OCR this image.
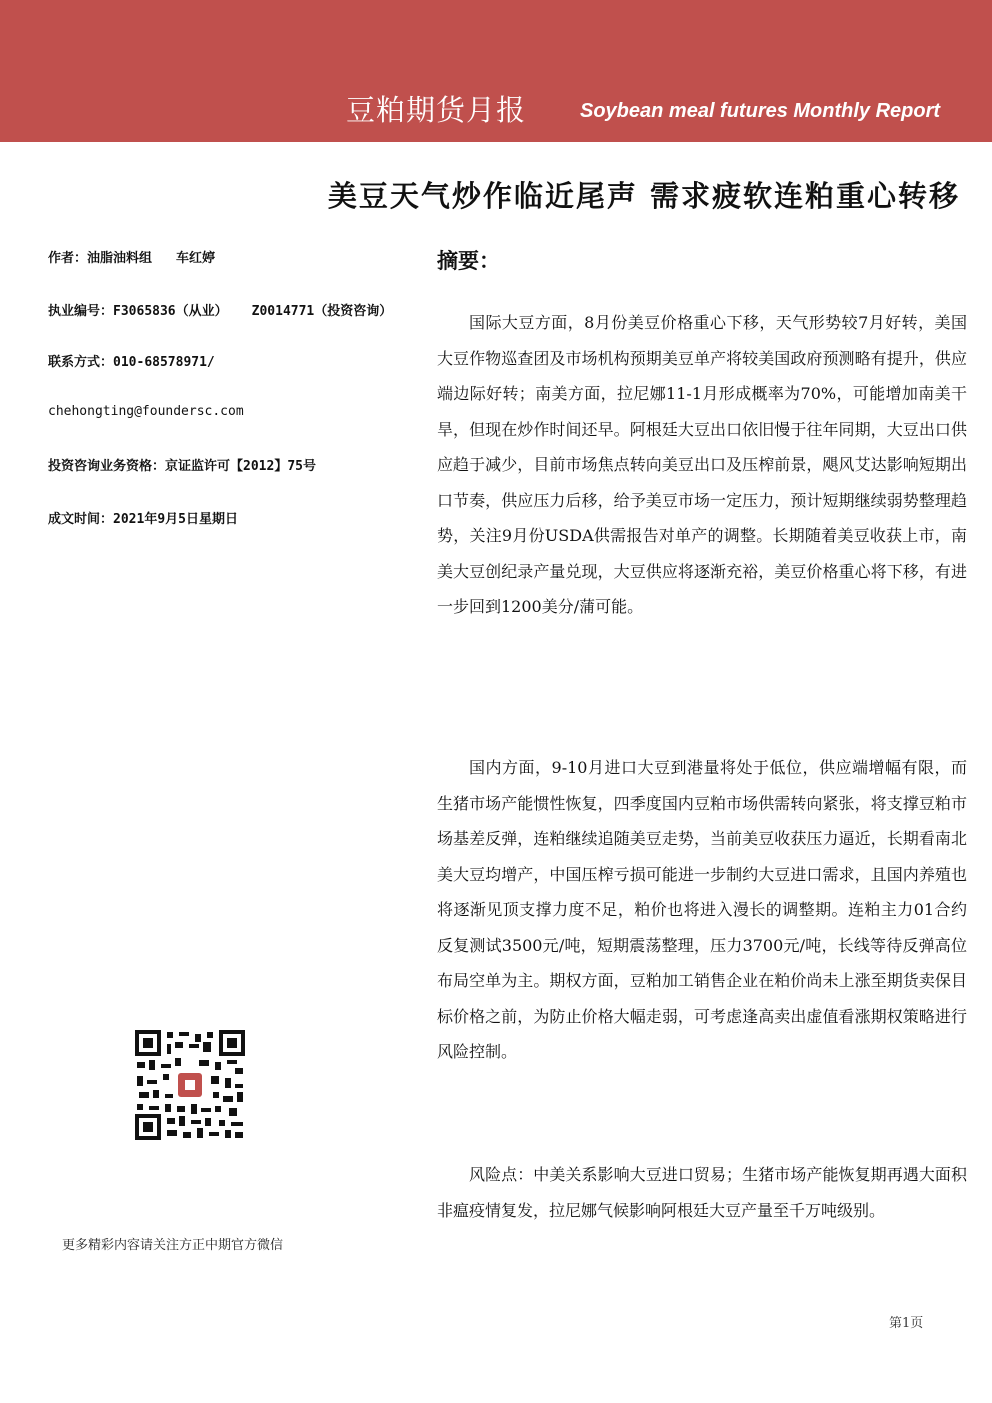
豆粕期货月报	Soybean meal futures Monthly Report
美豆天气炒作临近尾声 需求疲软连粕重心转移
作者：油脂油料组 车红婷
执业编号：F3065836（从业） Z0014771（投资咨询）
联系方式：010-68578971/
chehongting@foundersc.com
投资咨询业务资格：京证监许可【2012】75号
成文时间：2021年9月5日星期日
摘要：

国际大豆方面，8月份美豆价格重心下移，天气形势较7月好转，美国大豆作物巡查团及市场机构预期美豆单产将较美国政府预测略有提升，供应端边际好转；南美方面，拉尼娜11-1月形成概率为70%，可能增加南美干旱，但现在炒作时间还早。阿根廷大豆出口依旧慢于往年同期，大豆出口供应趋于减少，目前市场焦点转向美豆出口及压榨前景，飓风艾达影响短期出口节奏，供应压力后移，给予美豆市场一定压力，预计短期继续弱势整理趋势，关注9月份USDA供需报告对单产的调整。长期随着美豆收获上市，南美大豆创纪录产量兑现，大豆供应将逐渐充裕，美豆价格重心将下移，有进一步回到1200美分/蒲可能。

国内方面，9-10月进口大豆到港量将处于低位，供应端增幅有限，而生猪市场产能惯性恢复，四季度国内豆粕市场供需转向紧张，将支撑豆粕市场基差反弹，连粕继续追随美豆走势，当前美豆收获压力逼近，长期看南北美大豆均增产，中国压榨亏损可能进一步制约大豆进口需求，且国内养殖也将逐渐见顶支撑力度不足，粕价也将进入漫长的调整期。连粕主力01合约反复测试3500元/吨，短期震荡整理，压力3700元/吨，长线等待反弹高位布局空单为主。期权方面，豆粕加工销售企业在粕价尚未上涨至期货卖保目标价格之前，为防止价格大幅走弱，可考虑逢高卖出虚值看涨期权策略进行风险控制。

风险点：中美关系影响大豆进口贸易；生猪市场产能恢复期再遇大面积非瘟疫情复发，拉尼娜气候影响阿根廷大豆产量至千万吨级别。

更多精彩内容请关注方正中期官方微信
第1页
